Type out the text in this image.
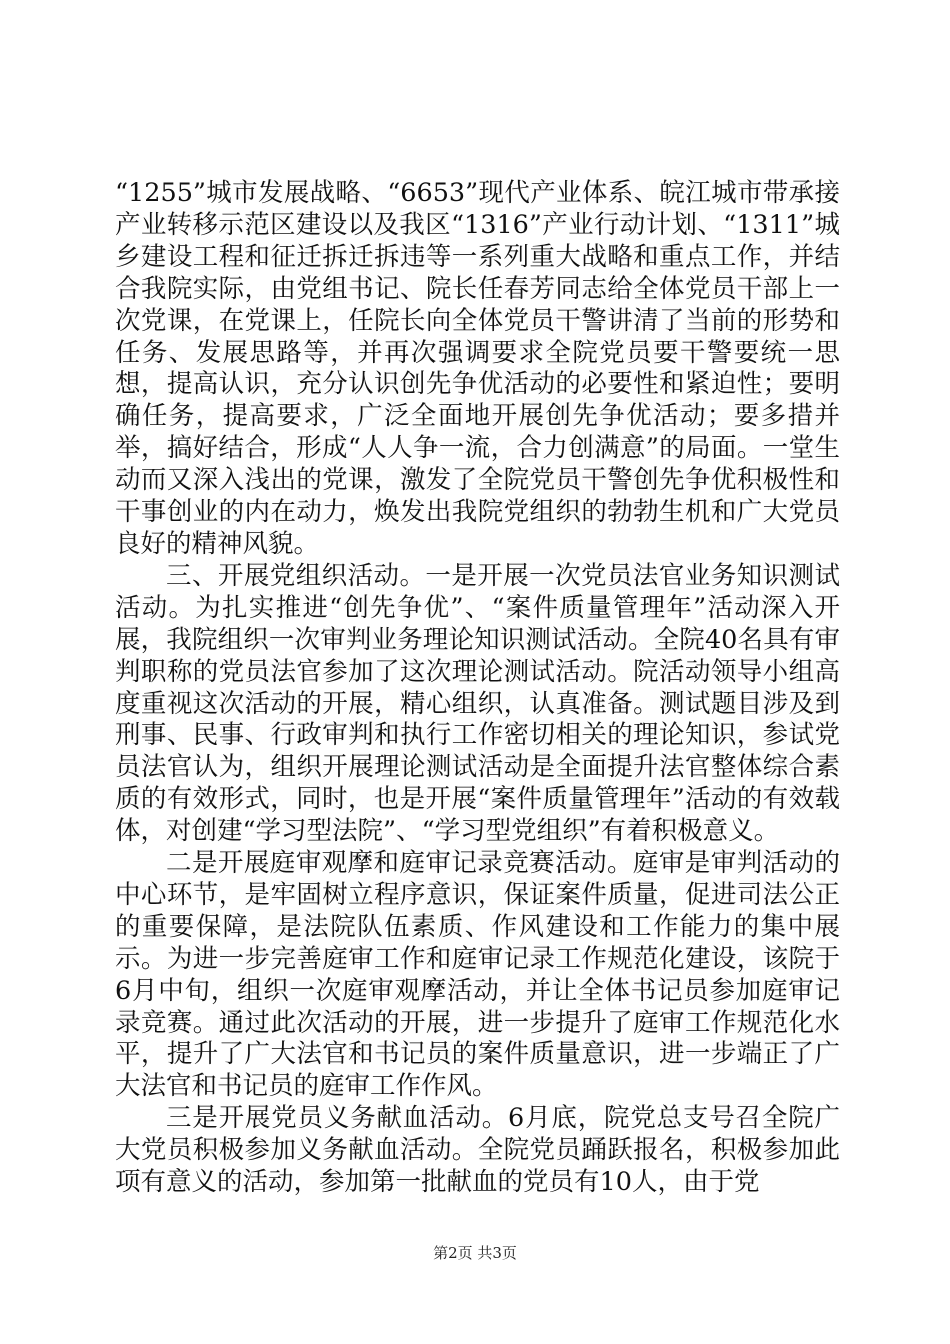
“1255”城市发展战略、“6653”现代产业体系、皖江城市带承接产业转移示范区建设以及我区“1316”产业行动计划、“1311”城乡建设工程和征迁拆迁拆违等一系列重大战略和重点工作，并结合我院实际，由党组书记、院长任春芳同志给全体党员干部上一次党课，在党课上，任院长向全体党员干警讲清了当前的形势和任务、发展思路等，并再次强调要求全院党员要干警要统一思想，提高认识，充分认识创先争优活动的必要性和紧迫性；要明确任务，提高要求，广泛全面地开展创先争优活动；要多措并举，搞好结合，形成“人人争一流，合力创满意”的局面。一堂生动而又深入浅出的党课，激发了全院党员干警创先争优积极性和干事创业的内在动力，焕发出我院党组织的勃勃生机和广大党员良好的精神风貌。

三、开展党组织活动。一是开展一次党员法官业务知识测试活动。为扎实推进“创先争优”、“案件质量管理年”活动深入开展，我院组织一次审判业务理论知识测试活动。全院40名具有审判职称的党员法官参加了这次理论测试活动。院活动领导小组高度重视这次活动的开展，精心组织，认真准备。测试题目涉及到刑事、民事、行政审判和执行工作密切相关的理论知识，参试党员法官认为，组织开展理论测试活动是全面提升法官整体综合素质的有效形式，同时，也是开展“案件质量管理年”活动的有效载体，对创建“学习型法院”、“学习型党组织”有着积极意义。

二是开展庭审观摩和庭审记录竞赛活动。庭审是审判活动的中心环节，是牢固树立程序意识，保证案件质量，促进司法公正的重要保障，是法院队伍素质、作风建设和工作能力的集中展示。为进一步完善庭审工作和庭审记录工作规范化建设，该院于6月中旬，组织一次庭审观摩活动，并让全体书记员参加庭审记录竞赛。通过此次活动的开展，进一步提升了庭审工作规范化水平，提升了广大法官和书记员的案件质量意识，进一步端正了广大法官和书记员的庭审工作作风。

三是开展党员义务献血活动。6月底，院党总支号召全院广大党员积极参加义务献血活动。全院党员踊跃报名，积极参加此项有意义的活动，参加第一批献血的党员有10人，由于党

第2页 共3页
